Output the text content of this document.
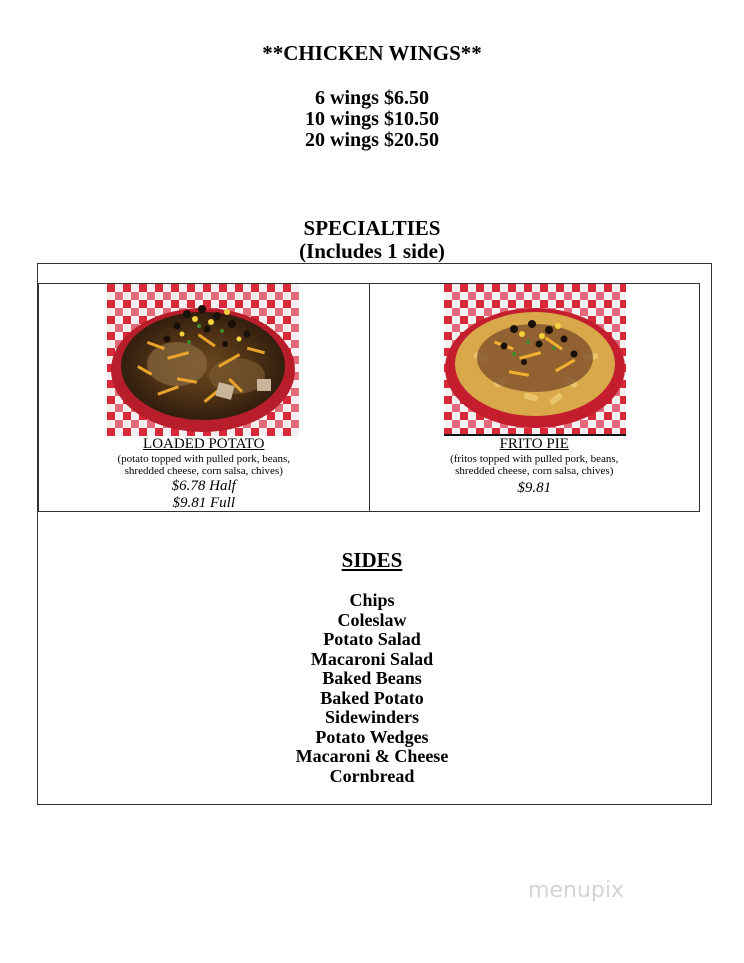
**CHICKEN WINGS**
6 wings $6.50
10 wings $10.50
20 wings $20.50
SPECIALTIES
(Includes 1 side)
LOADED POTATO
(potato topped with pulled pork, beans,
shredded cheese, corn salsa, chives)
$6.78 Half
$9.81 Full
FRITO PIE
(fritos topped with pulled pork, beans,
shredded cheese, corn salsa, chives)
$9.81
SIDES
Chips
Coleslaw
Potato Salad
Macaroni Salad
Baked Beans
Baked Potato
Sidewinders
Potato Wedges
Macaroni & Cheese
Cornbread
menupix
